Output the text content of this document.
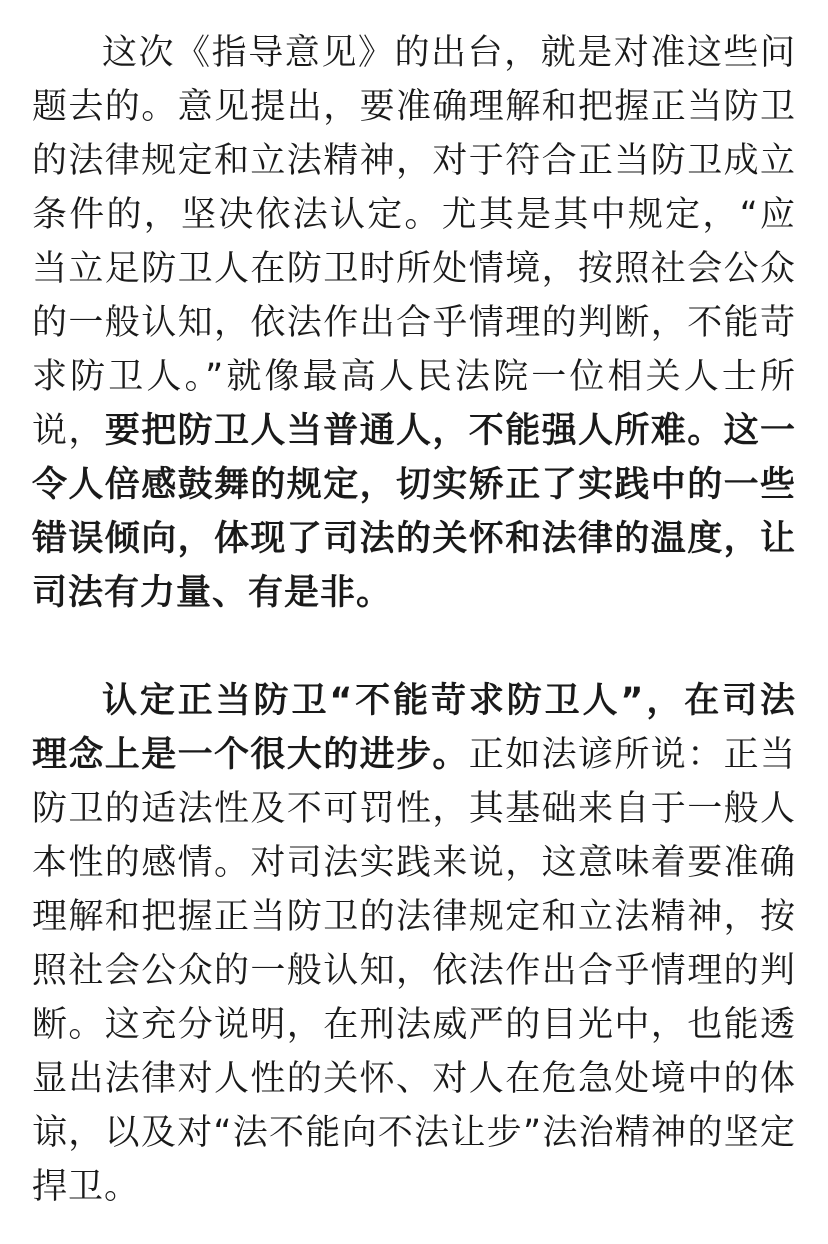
这次《指导意见》的出台，就是对准这些问题去的。意见提出，要准确理解和把握正当防卫的法律规定和立法精神，对于符合正当防卫成立条件的，坚决依法认定。尤其是其中规定，“应当立足防卫人在防卫时所处情境，按照社会公众的一般认知，依法作出合乎情理的判断，不能苛求防卫人。”就像最高人民法院一位相关人士所说，要把防卫人当普通人，不能强人所难。这一令人倍感鼓舞的规定，切实矫正了实践中的一些错误倾向，体现了司法的关怀和法律的温度，让司法有力量、有是非。

认定正当防卫“不能苛求防卫人”，在司法理念上是一个很大的进步。正如法谚所说：正当防卫的适法性及不可罚性，其基础来自于一般人本性的感情。对司法实践来说，这意味着要准确理解和把握正当防卫的法律规定和立法精神，按照社会公众的一般认知，依法作出合乎情理的判断。这充分说明，在刑法威严的目光中，也能透显出法律对人性的关怀、对人在危急处境中的体谅，以及对“法不能向不法让步”法治精神的坚定捍卫。
